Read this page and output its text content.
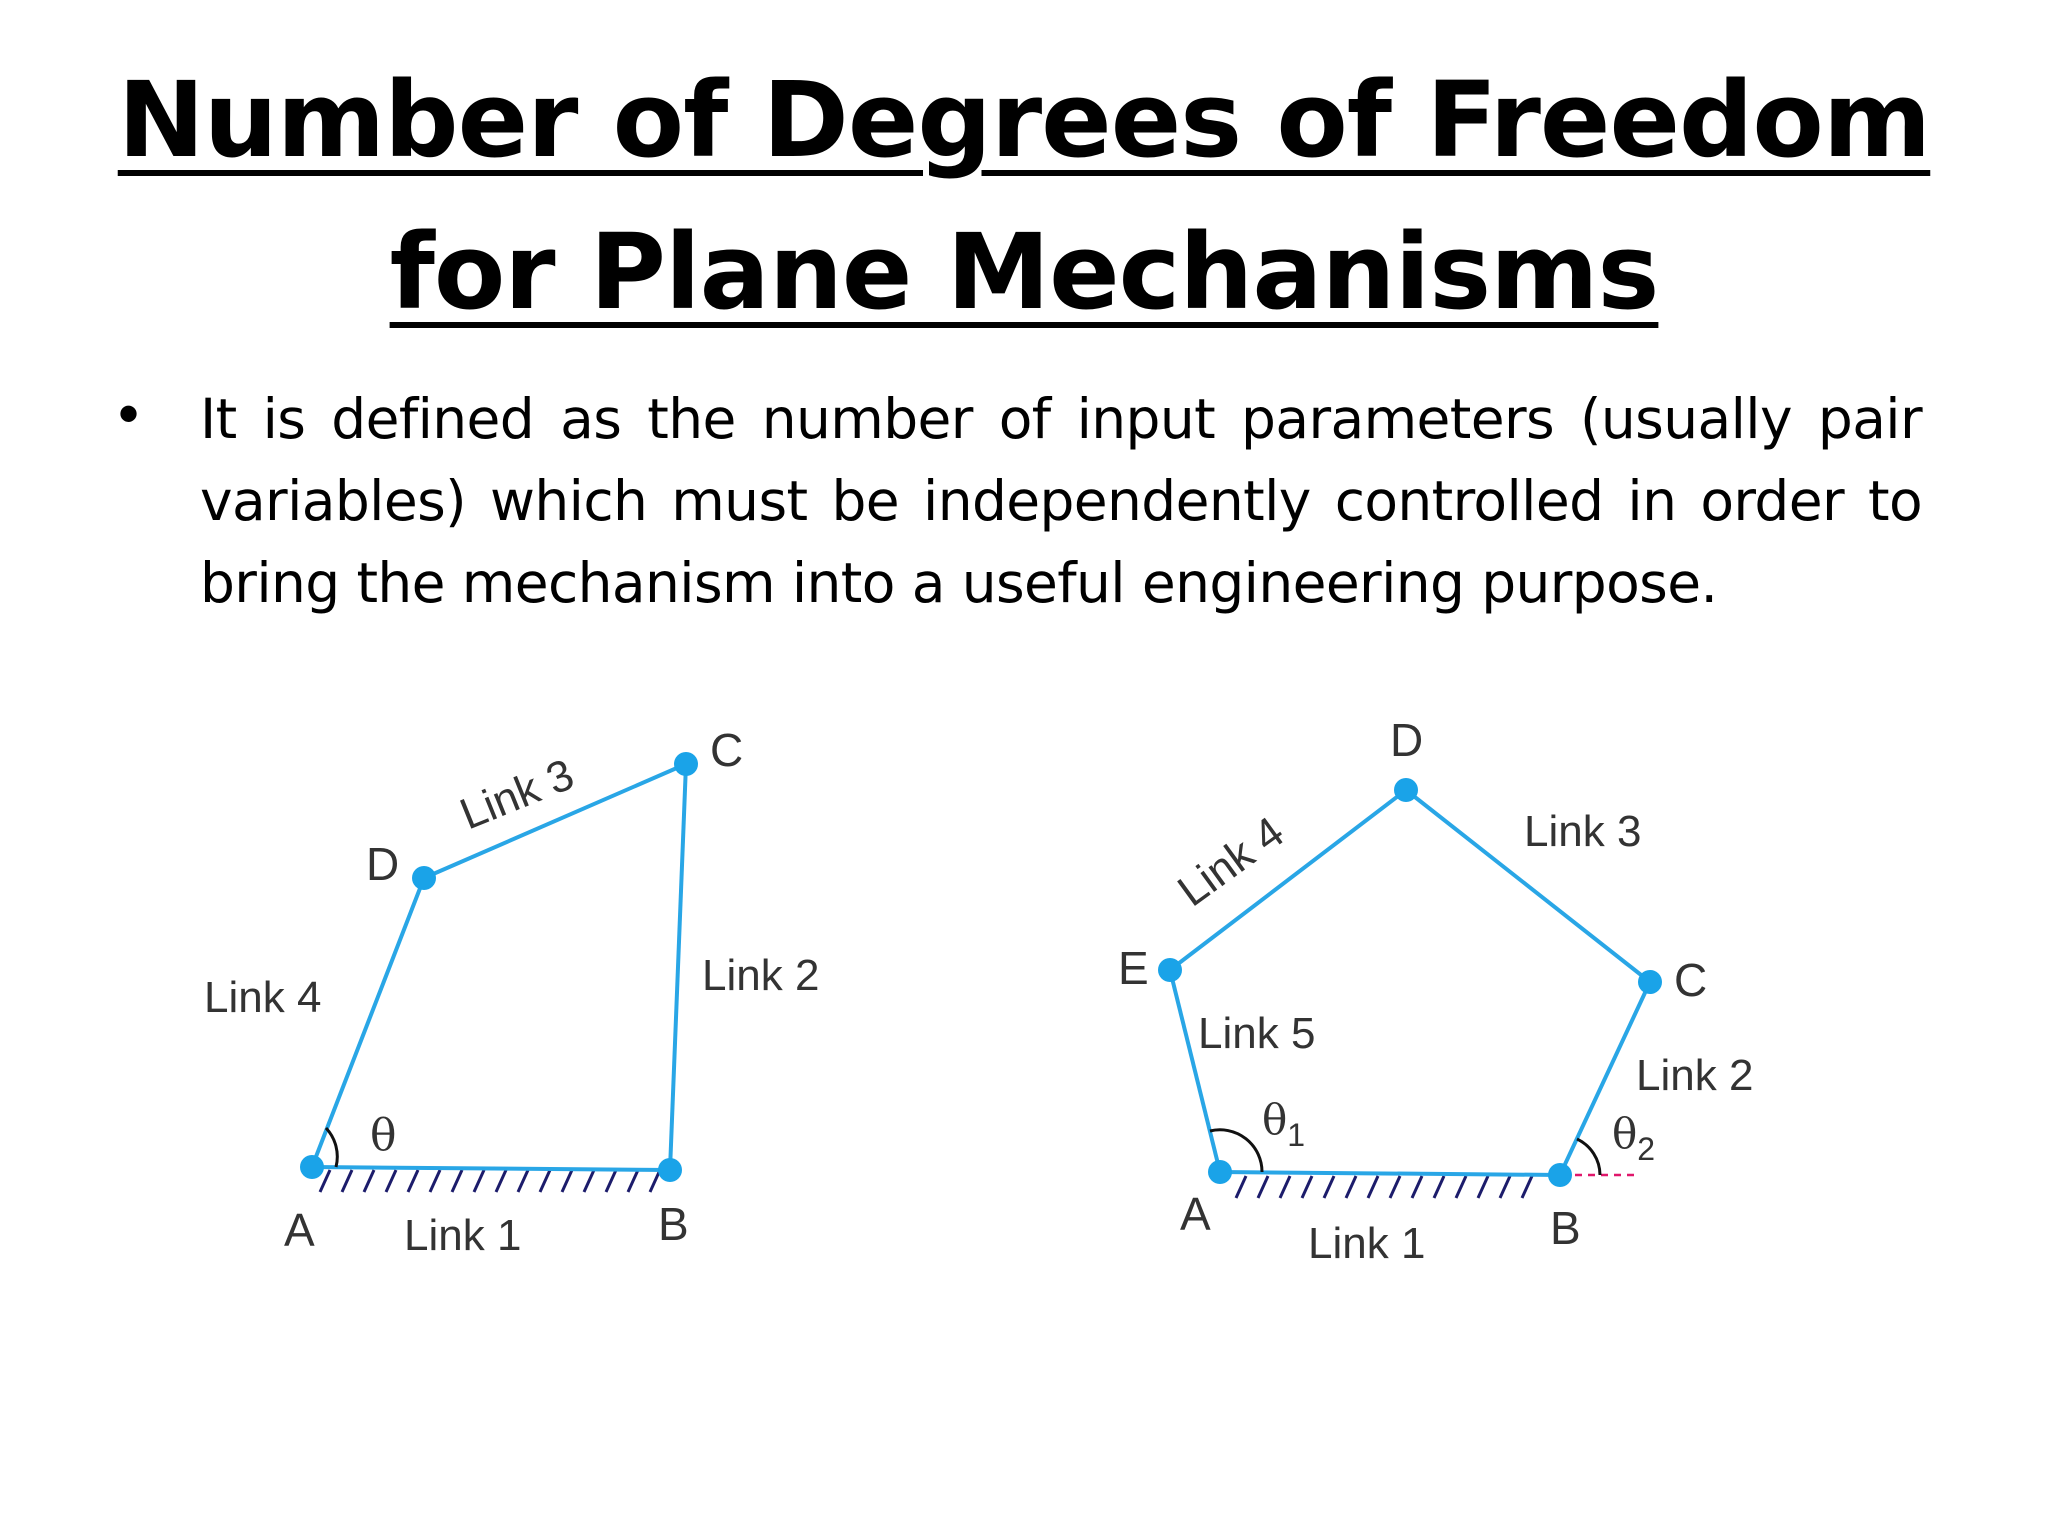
Number of Degrees of Freedom
for Plane Mechanisms
• It is defined as the number of input parameters (usually pair variables) which must be independently controlled in order to bring the mechanism into a useful engineering purpose.
A	B
C
D
Link 1
Link 2
Link 3
Link 4
θ
A	B
C
D
E
Link 1
Link 2
Link 3
Link 4
Link 5
$\theta_1$	$\theta_2$
